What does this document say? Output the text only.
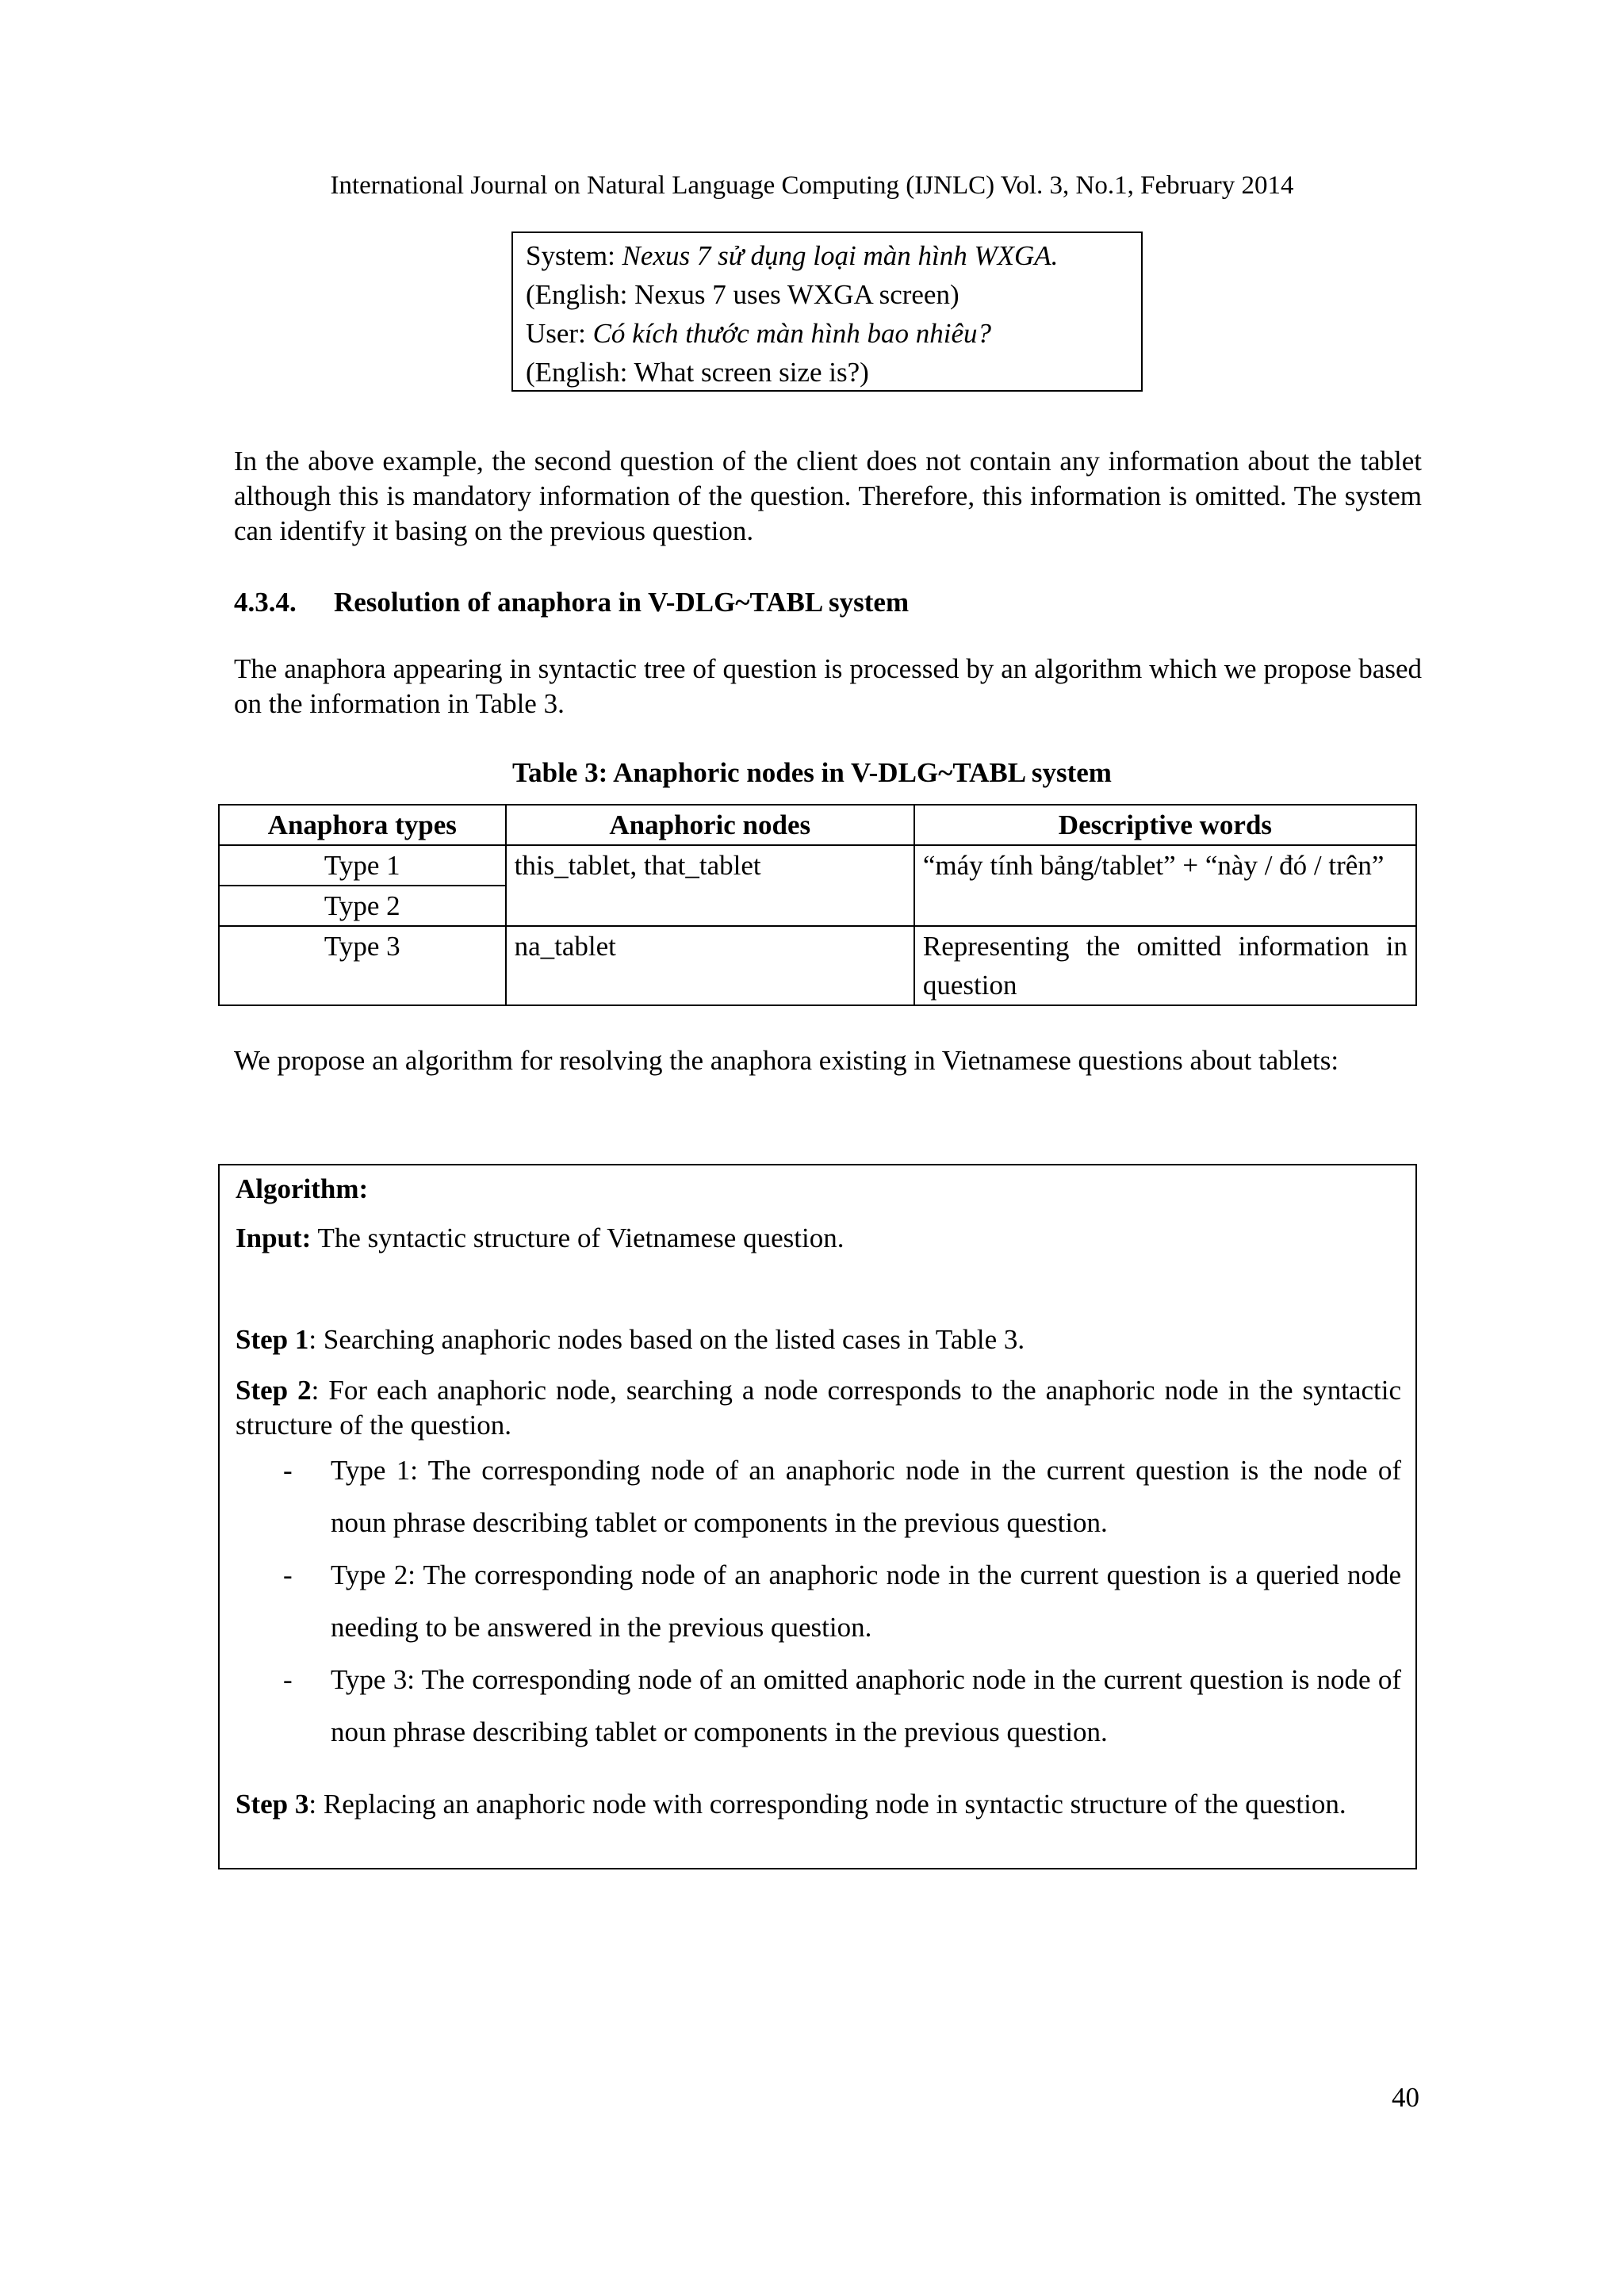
International Journal on Natural Language Computing (IJNLC) Vol. 3, No.1, February 2014
System: Nexus 7 sử dụng loại màn hình WXGA.
(English: Nexus 7 uses WXGA screen)
User: Có kích thước màn hình bao nhiêu?
(English: What screen size is?)
In the above example, the second question of the client does not contain any information about the tablet although this is mandatory information of the question. Therefore, this information is omitted. The system can identify it basing on the previous question.
4.3.4. Resolution of anaphora in V-DLG~TABL system
The anaphora appearing in syntactic tree of question is processed by an algorithm which we propose based on the information in Table 3.
Table 3: Anaphoric nodes in V-DLG~TABL system
Anaphora types	Anaphoric nodes	Descriptive words
Type 1	this_tablet, that_tablet	“máy tính bảng/tablet” + “này / đó / trên”
Type 2		
Type 3	na_tablet	Representing the omitted information in question
We propose an algorithm for resolving the anaphora existing in Vietnamese questions about tablets:
Algorithm:
Input: The syntactic structure of Vietnamese question.
Step 1: Searching anaphoric nodes based on the listed cases in Table 3.
Step 2: For each anaphoric node, searching a node corresponds to the anaphoric node in the syntactic structure of the question.
- Type 1: The corresponding node of an anaphoric node in the current question is the node of noun phrase describing tablet or components in the previous question.
- Type 2: The corresponding node of an anaphoric node in the current question is a queried node needing to be answered in the previous question.
- Type 3: The corresponding node of an omitted anaphoric node in the current question is node of noun phrase describing tablet or components in the previous question.
Step 3: Replacing an anaphoric node with corresponding node in syntactic structure of the question.
40
